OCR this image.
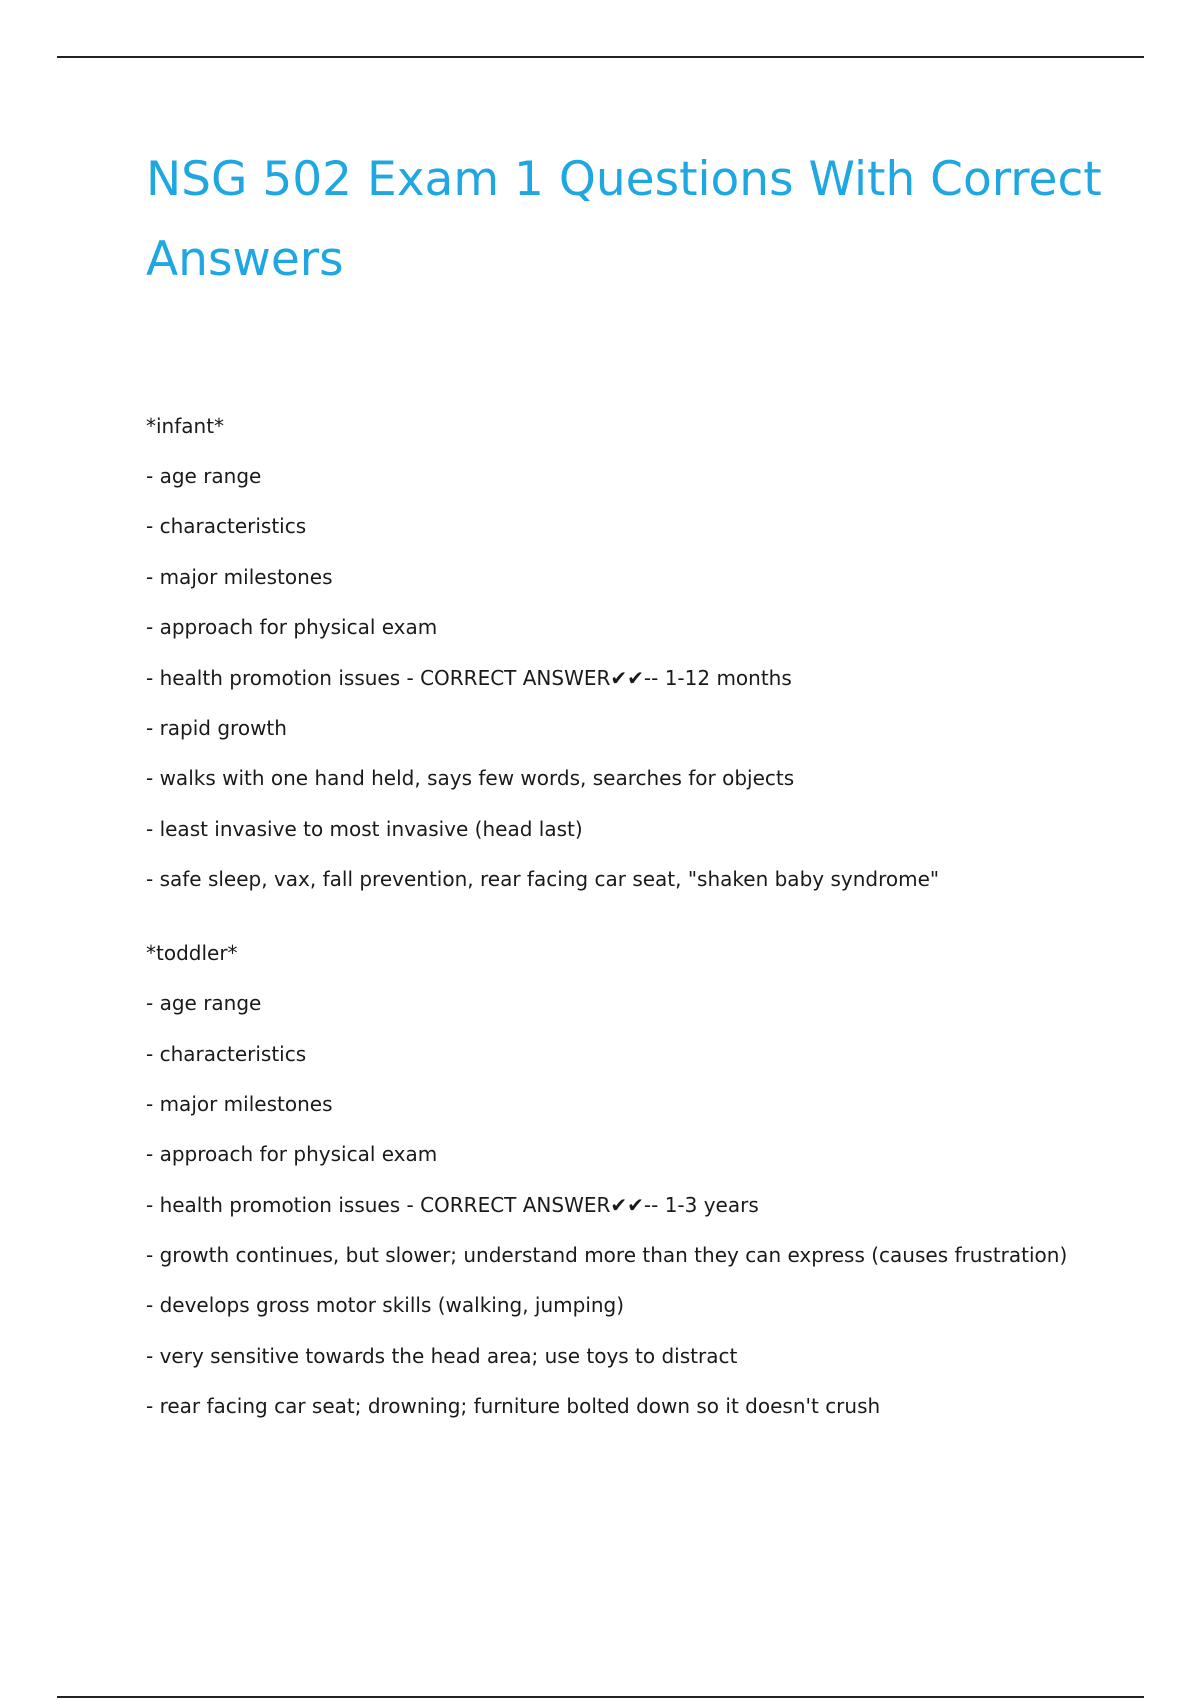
NSG 502 Exam 1 Questions With Correct Answers
*infant*
- age range
- characteristics
- major milestones
- approach for physical exam
- health promotion issues - CORRECT ANSWER✔✔-- 1-12 months
- rapid growth
- walks with one hand held, says few words, searches for objects
- least invasive to most invasive (head last)
- safe sleep, vax, fall prevention, rear facing car seat, "shaken baby syndrome"
*toddler*
- age range
- characteristics
- major milestones
- approach for physical exam
- health promotion issues - CORRECT ANSWER✔✔-- 1-3 years
- growth continues, but slower; understand more than they can express (causes frustration)
- develops gross motor skills (walking, jumping)
- very sensitive towards the head area; use toys to distract
- rear facing car seat; drowning; furniture bolted down so it doesn't crush
